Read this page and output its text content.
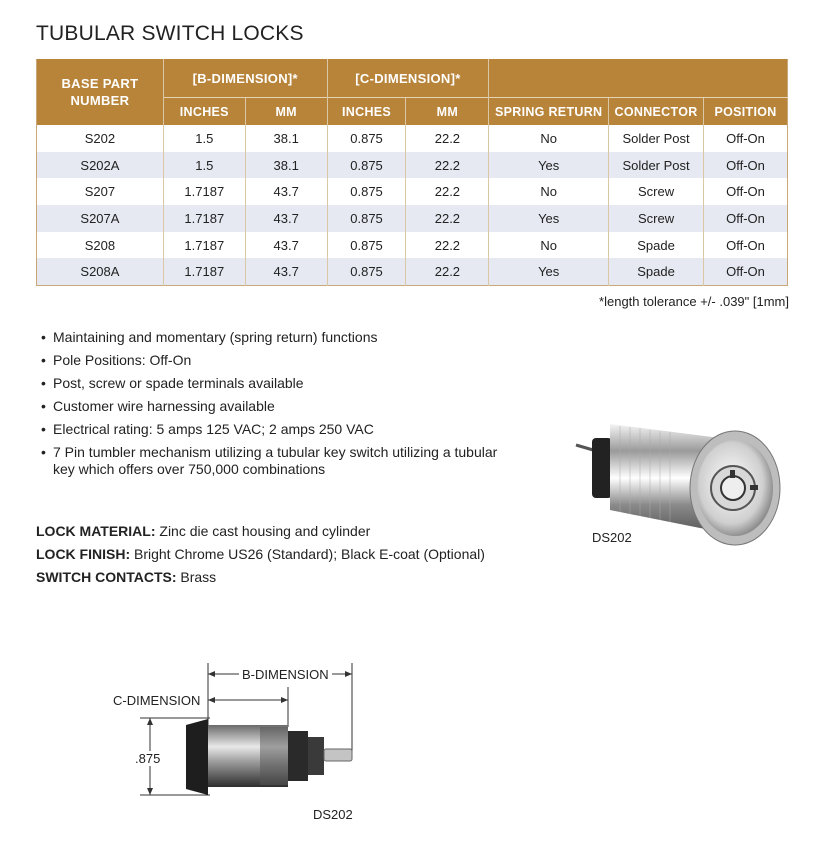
TUBULAR SWITCH LOCKS
BASE PART NUMBER	[B-DIMENSION]*		[C-DIMENSION]*				
	INCHES	MM	INCHES	MM	SPRING RETURN	CONNECTOR	POSITION
S202	1.5	38.1	0.875	22.2	No	Solder Post	Off-On
S202A	1.5	38.1	0.875	22.2	Yes	Solder Post	Off-On
S207	1.7187	43.7	0.875	22.2	No	Screw	Off-On
S207A	1.7187	43.7	0.875	22.2	Yes	Screw	Off-On
S208	1.7187	43.7	0.875	22.2	No	Spade	Off-On
S208A	1.7187	43.7	0.875	22.2	Yes	Spade	Off-On
*length tolerance +/- .039" [1mm]
• Maintaining and momentary (spring return) functions
• Pole Positions: Off-On
• Post, screw or spade terminals available
• Customer wire harnessing available
• Electrical rating: 5 amps 125 VAC; 2 amps 250 VAC
• 7 Pin tumbler mechanism utilizing a tubular key switch utilizing a tubular key which offers over 750,000 combinations
LOCK MATERIAL: Zinc die cast housing and cylinder
LOCK FINISH: Bright Chrome US26 (Standard); Black E-coat (Optional)
SWITCH CONTACTS: Brass
DS202
B-DIMENSION
C-DIMENSION
.875
DS202
